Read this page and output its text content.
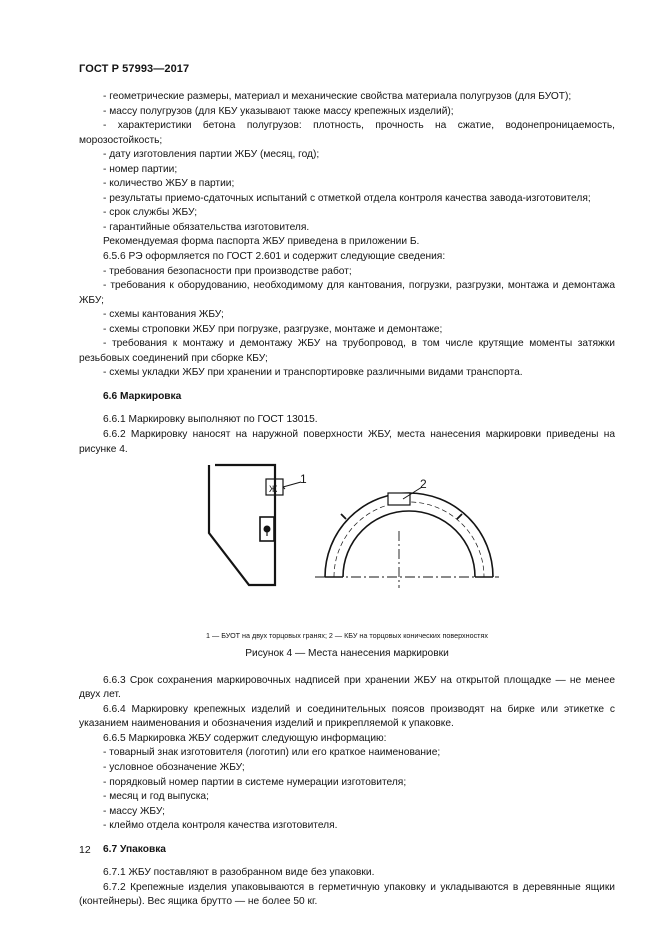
ГОСТ Р 57993—2017

- геометрические размеры, материал и механические свойства материала полугрузов (для БУОТ);

- массу полугрузов (для КБУ указывают также массу крепежных изделий);

- характеристики бетона полугрузов: плотность, прочность на сжатие, водонепроницаемость, морозостойкость;

- дату изготовления партии ЖБУ (месяц, год);

- номер партии;

- количество ЖБУ в партии;

- результаты приемо-сдаточных испытаний с отметкой отдела контроля качества завода-изготовителя;

- срок службы ЖБУ;

- гарантийные обязательства изготовителя.

Рекомендуемая форма паспорта ЖБУ приведена в приложении Б.

6.5.6 РЭ оформляется по ГОСТ 2.601 и содержит следующие сведения:

- требования безопасности при производстве работ;

- требования к оборудованию, необходимому для кантования, погрузки, разгрузки, монтажа и демонтажа ЖБУ;

- схемы кантования ЖБУ;

- схемы строповки ЖБУ при погрузке, разгрузке, монтаже и демонтаже;

- требования к монтажу и демонтажу ЖБУ на трубопровод, в том числе крутящие моменты затяжки резьбовых соединений при сборке КБУ;

- схемы укладки ЖБУ при хранении и транспортировке различными видами транспорта.

6.6 Маркировка

6.6.1 Маркировку выполняют по ГОСТ 13015.

6.6.2 Маркировку наносят на наружной поверхности ЖБУ, места нанесения маркировки приведены на рисунке 4.

Ж
1	2
1 — БУОТ на двух торцовых гранях; 2 — КБУ на торцовых конических поверхностях

Рисунок 4 — Места нанесения маркировки

6.6.3 Срок сохранения маркировочных надписей при хранении ЖБУ на открытой площадке — не менее двух лет.

6.6.4 Маркировку крепежных изделий и соединительных поясов производят на бирке или этикетке с указанием наименования и обозначения изделий и прикрепляемой к упаковке.

6.6.5 Маркировка ЖБУ содержит следующую информацию:

- товарный знак изготовителя (логотип) или его краткое наименование;

- условное обозначение ЖБУ;

- порядковый номер партии в системе нумерации изготовителя;

- месяц и год выпуска;

- массу ЖБУ;

- клеймо отдела контроля качества изготовителя.

6.7 Упаковка

6.7.1 ЖБУ поставляют в разобранном виде без упаковки.

6.7.2 Крепежные изделия упаковываются в герметичную упаковку и укладываются в деревянные ящики (контейнеры). Вес ящика брутто — не более 50 кг.

12
